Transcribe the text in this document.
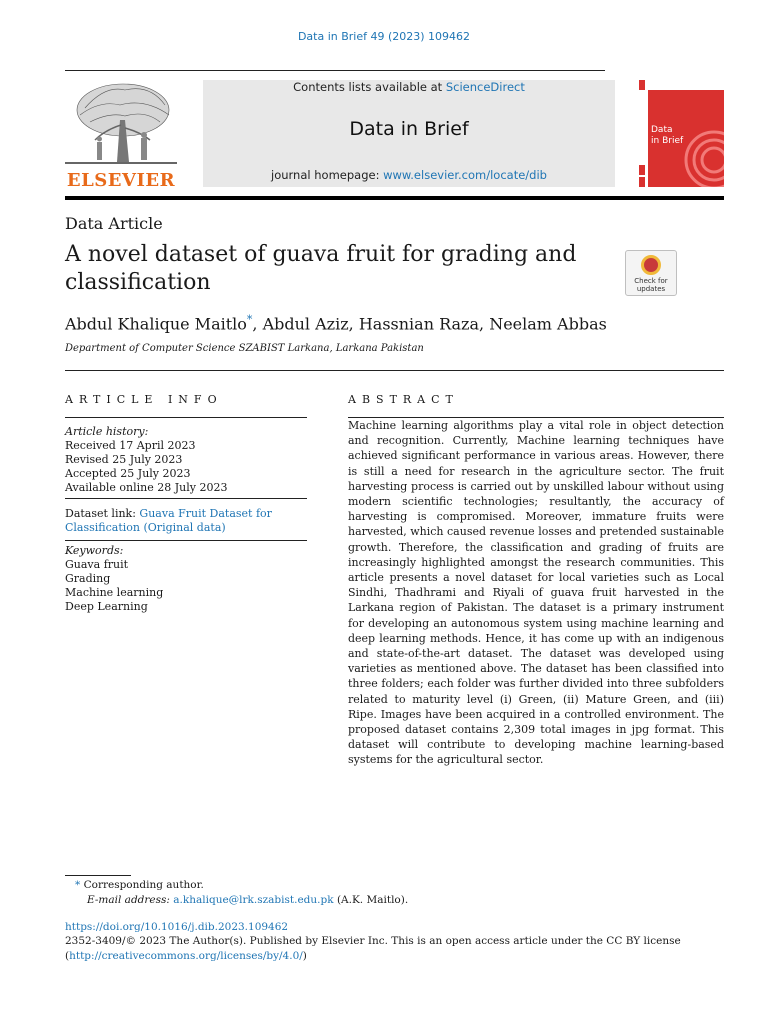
Data in Brief 49 (2023) 109462
ELSEVIER
Contents lists available at ScienceDirect
Data in Brief
journal homepage: www.elsevier.com/locate/dib
Data
in Brief
Data Article
A novel dataset of guava fruit for grading and classification	Check for
updates
Abdul Khalique Maitlo*, Abdul Aziz, Hassnian Raza, Neelam Abbas
Department of Computer Science SZABIST Larkana, Larkana Pakistan
ARTICLE INFO
Article history:
Received 17 April 2023
Revised 25 July 2023
Accepted 25 July 2023
Available online 28 July 2023
Dataset link: Guava Fruit Dataset for
Classification (Original data)
Keywords:
Guava fruit
Grading
Machine learning
Deep Learning
ABSTRACT
Machine learning algorithms play a vital role in object detection and recognition. Currently, Machine learning techniques have achieved significant performance in various areas. However, there is still a need for research in the agriculture sector. The fruit harvesting process is carried out by unskilled labour without using modern scientific technologies; resultantly, the accuracy of harvesting is compromised. Moreover, immature fruits were harvested, which caused revenue losses and pretended sustainable growth. Therefore, the classification and grading of fruits are increasingly highlighted amongst the research communities. This article presents a novel dataset for local varieties such as Local Sindhi, Thadhrami and Riyali of guava fruit harvested in the Larkana region of Pakistan. The dataset is a primary instrument for developing an autonomous system using machine learning and deep learning methods. Hence, it has come up with an indigenous and state-of-the-art dataset. The dataset was developed using varieties as mentioned above. The dataset has been classified into three folders; each folder was further divided into three subfolders related to maturity level (i) Green, (ii) Mature Green, and (iii) Ripe. Images have been acquired in a controlled environment. The proposed dataset contains 2,309 total images in jpg format. This dataset will contribute to developing machine learning-based systems for the agricultural sector.
* Corresponding author.
E-mail address: a.khalique@lrk.szabist.edu.pk (A.K. Maitlo).
https://doi.org/10.1016/j.dib.2023.109462
2352-3409/© 2023 The Author(s). Published by Elsevier Inc. This is an open access article under the CC BY license
(http://creativecommons.org/licenses/by/4.0/)
